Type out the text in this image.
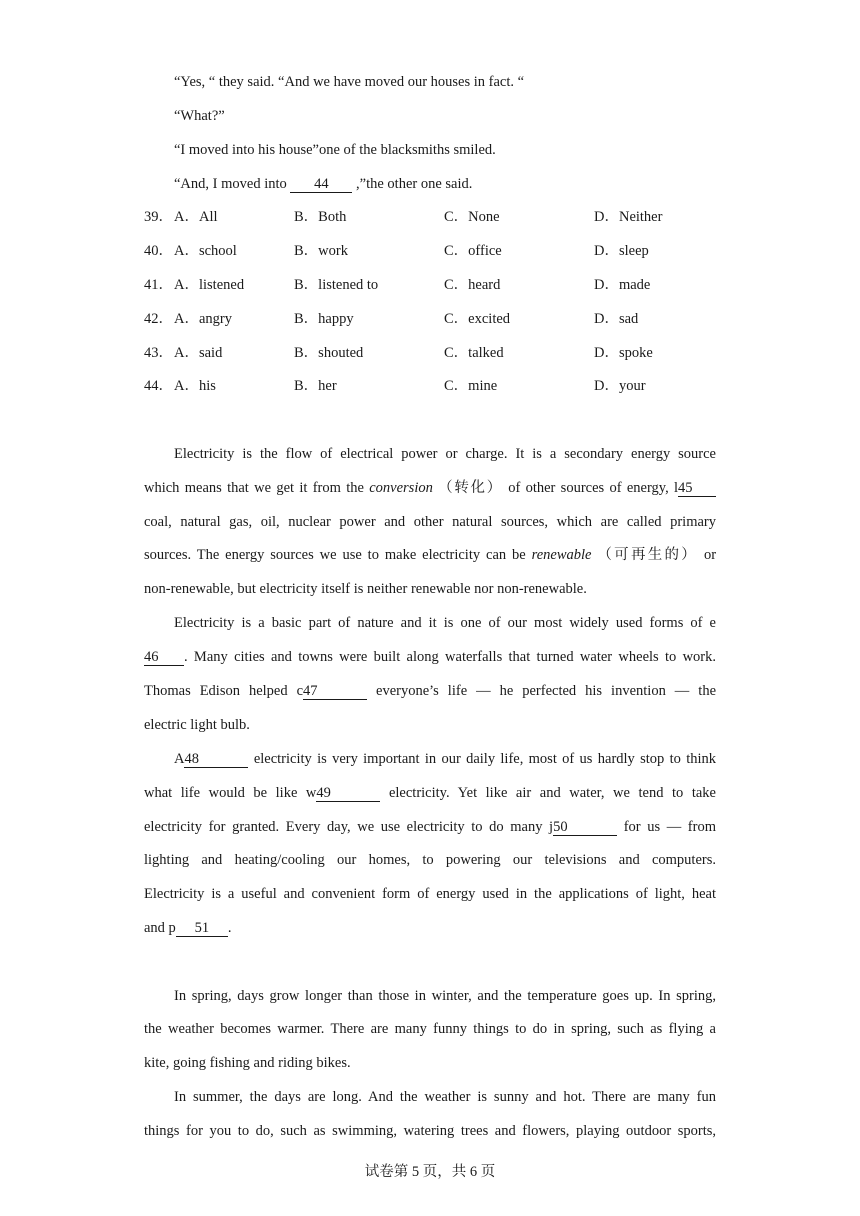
“Yes, “ they said. “And we have moved our houses in fact. “
“What?”
“I moved into his house”one of the blacksmiths smiled.
“And, I moved into 44 ,”the other one said.
39． A．All	B．Both	C．None	D．Neither
40． A．school	B．work	C．office	D．sleep
41． A．listened	B．listened to	C．heard	D．made
42． A．angry	B．happy	C．excited	D．sad
43． A．said	B．shouted	C．talked	D．spoke
44． A．his	B．her	C．mine	D．your
Electricity is the flow of electrical power or charge. It is a secondary energy source
which means that we get it from the conversion （转化） of other sources of energy, l45
coal, natural gas, oil, nuclear power and other natural sources, which are called primary
sources. The energy sources we use to make electricity can be renewable （可再生的） or
non-renewable, but electricity itself is neither renewable nor non-renewable.
Electricity is a basic part of nature and it is one of our most widely used forms of e
46 . Many cities and towns were built along waterfalls that turned water wheels to work.
Thomas Edison helped c47	everyone’s life — he perfected his invention — the
electric light bulb.
A48	electricity is very important in our daily life, most of us hardly stop to think
what life would be like w49	electricity. Yet like air and water, we tend to take
electricity for granted. Every day, we use electricity to do many j50	for us — from
lighting and heating/cooling our homes, to powering our televisions and computers.
Electricity is a useful and convenient form of energy used in the applications of light, heat
and p 51 .
In spring, days grow longer than those in winter, and the temperature goes up. In spring,
the weather becomes warmer. There are many funny things to do in spring, such as flying a
kite, going fishing and riding bikes.
In summer, the days are long. And the weather is sunny and hot. There are many fun
things for you to do, such as swimming, watering trees and flowers, playing outdoor sports,
试卷第 5 页，共 6 页
